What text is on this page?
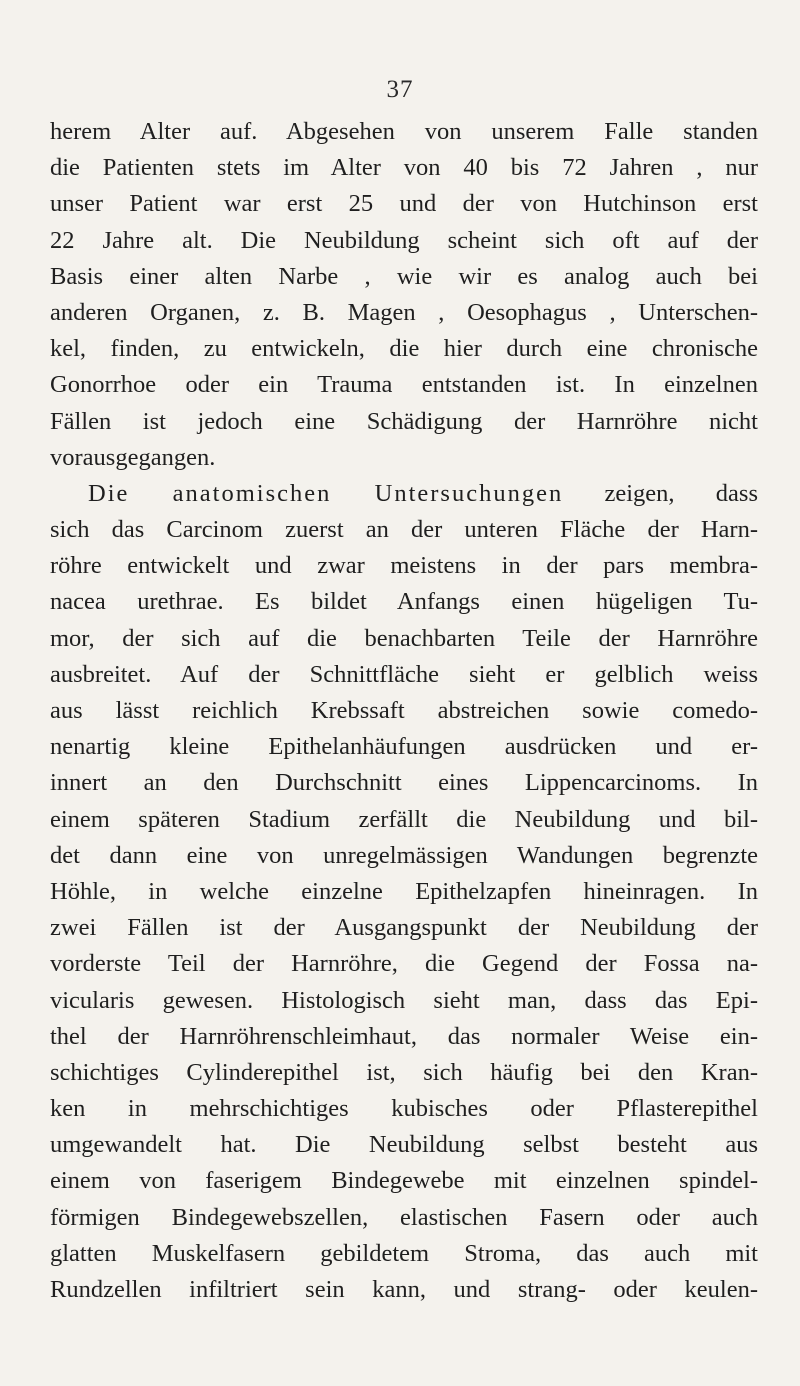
37
herem Alter auf. Abgesehen von unserem Falle standen
die Patienten stets im Alter von 40 bis 72 Jahren , nur
unser Patient war erst 25 und der von Hutchinson erst
22 Jahre alt. Die Neubildung scheint sich oft auf der
Basis einer alten Narbe , wie wir es analog auch bei
anderen Organen, z. B. Magen , Oesophagus , Unterschen-
kel, finden, zu entwickeln, die hier durch eine chronische
Gonorrhoe oder ein Trauma entstanden ist. In einzelnen
Fällen ist jedoch eine Schädigung der Harnröhre nicht
vorausgegangen.
Die anatomischen Untersuchungen zeigen, dass
sich das Carcinom zuerst an der unteren Fläche der Harn-
röhre entwickelt und zwar meistens in der pars membra-
nacea urethrae. Es bildet Anfangs einen hügeligen Tu-
mor, der sich auf die benachbarten Teile der Harnröhre
ausbreitet. Auf der Schnittfläche sieht er gelblich weiss
aus lässt reichlich Krebssaft abstreichen sowie comedo-
nenartig kleine Epithelanhäufungen ausdrücken und er-
innert an den Durchschnitt eines Lippencarcinoms. In
einem späteren Stadium zerfällt die Neubildung und bil-
det dann eine von unregelmässigen Wandungen begrenzte
Höhle, in welche einzelne Epithelzapfen hineinragen. In
zwei Fällen ist der Ausgangspunkt der Neubildung der
vorderste Teil der Harnröhre, die Gegend der Fossa na-
vicularis gewesen. Histologisch sieht man, dass das Epi-
thel der Harnröhrenschleimhaut, das normaler Weise ein-
schichtiges Cylinderepithel ist, sich häufig bei den Kran-
ken in mehrschichtiges kubisches oder Pflasterepithel
umgewandelt hat. Die Neubildung selbst besteht aus
einem von faserigem Bindegewebe mit einzelnen spindel-
förmigen Bindegewebszellen, elastischen Fasern oder auch
glatten Muskelfasern gebildetem Stroma, das auch mit
Rundzellen infiltriert sein kann, und strang- oder keulen-
